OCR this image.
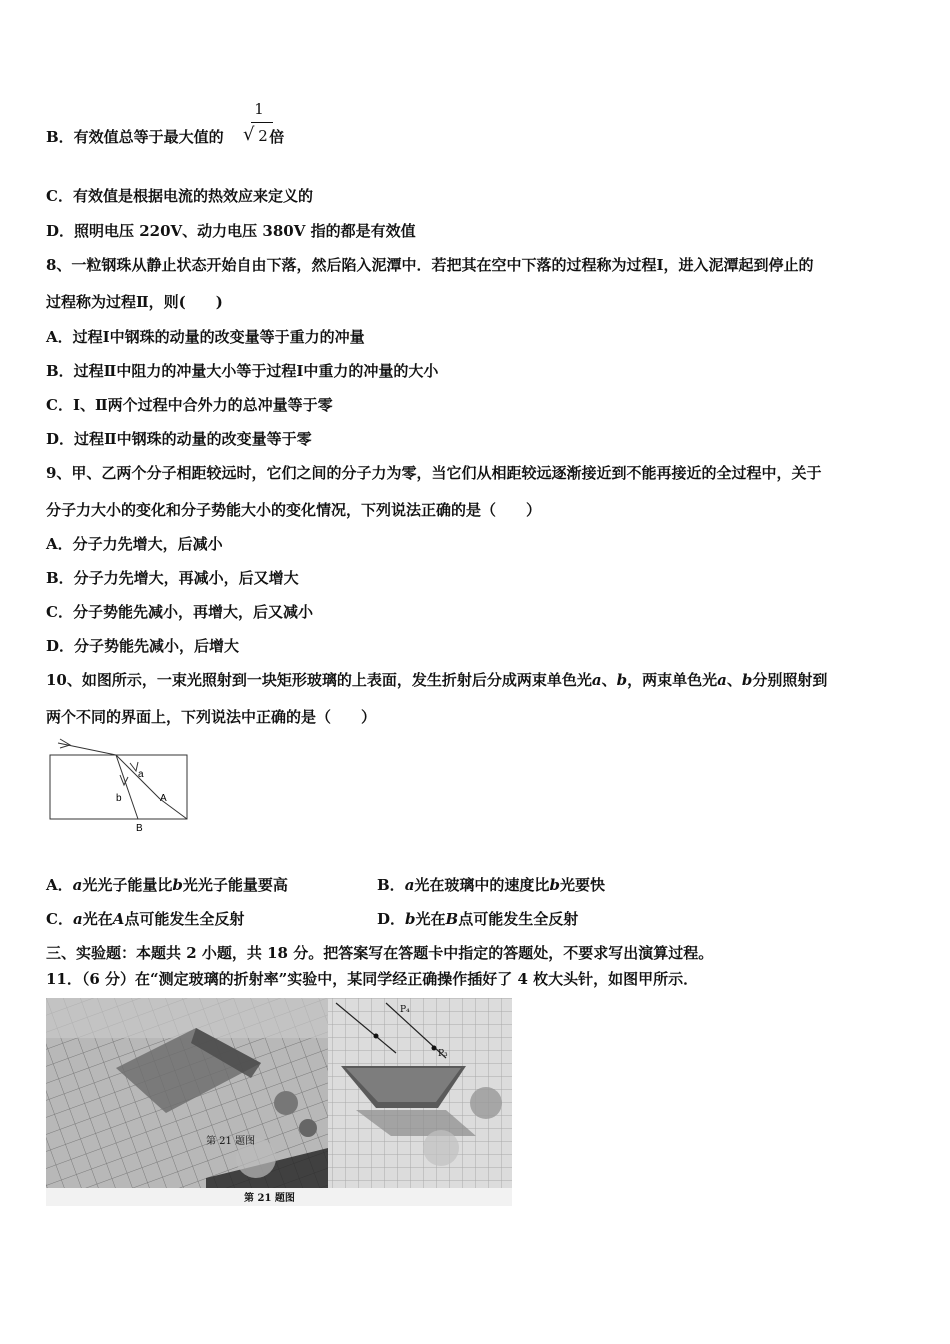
B．有效值总等于最大值的	倍
1
√ 2
C．有效值是根据电流的热效应来定义的
D．照明电压 220V、动力电压 380V 指的都是有效值
8、一粒钢珠从静止状态开始自由下落，然后陷入泥潭中．若把其在空中下落的过程称为过程Ⅰ，进入泥潭起到停止的
过程称为过程Ⅱ，则(　　)
A．过程Ⅰ中钢珠的动量的改变量等于重力的冲量
B．过程Ⅱ中阻力的冲量大小等于过程Ⅰ中重力的冲量的大小
C．Ⅰ、Ⅱ两个过程中合外力的总冲量等于零
D．过程Ⅱ中钢珠的动量的改变量等于零
9、甲、乙两个分子相距较远时，它们之间的分子力为零，当它们从相距较远逐渐接近到不能再接近的全过程中，关于
分子力大小的变化和分子势能大小的变化情况，下列说法正确的是（　　）
A．分子力先增大，后减小
B．分子力先增大，再减小，后又增大
C．分子势能先减小，再增大，后又减小
D．分子势能先减小，后增大
10、如图所示，一束光照射到一块矩形玻璃的上表面，发生折射后分成两束单色光a、b，两束单色光a、b分别照射到
两个不同的界面上，下列说法中正确的是（　　）
a
b	A
B
A．a光光子能量比b光光子能量要高	B．a光在玻璃中的速度比b光要快
C．a光在A点可能发生全反射	D．b光在B点可能发生全反射
三、实验题：本题共 2 小题，共 18 分。把答案写在答题卡中指定的答题处，不要求写出演算过程。
11．（6 分）在“测定玻璃的折射率”实验中，某同学经正确操作插好了 4 枚大头针，如图甲所示．
第 21 题图
P₄
P₃
第 21 题图
